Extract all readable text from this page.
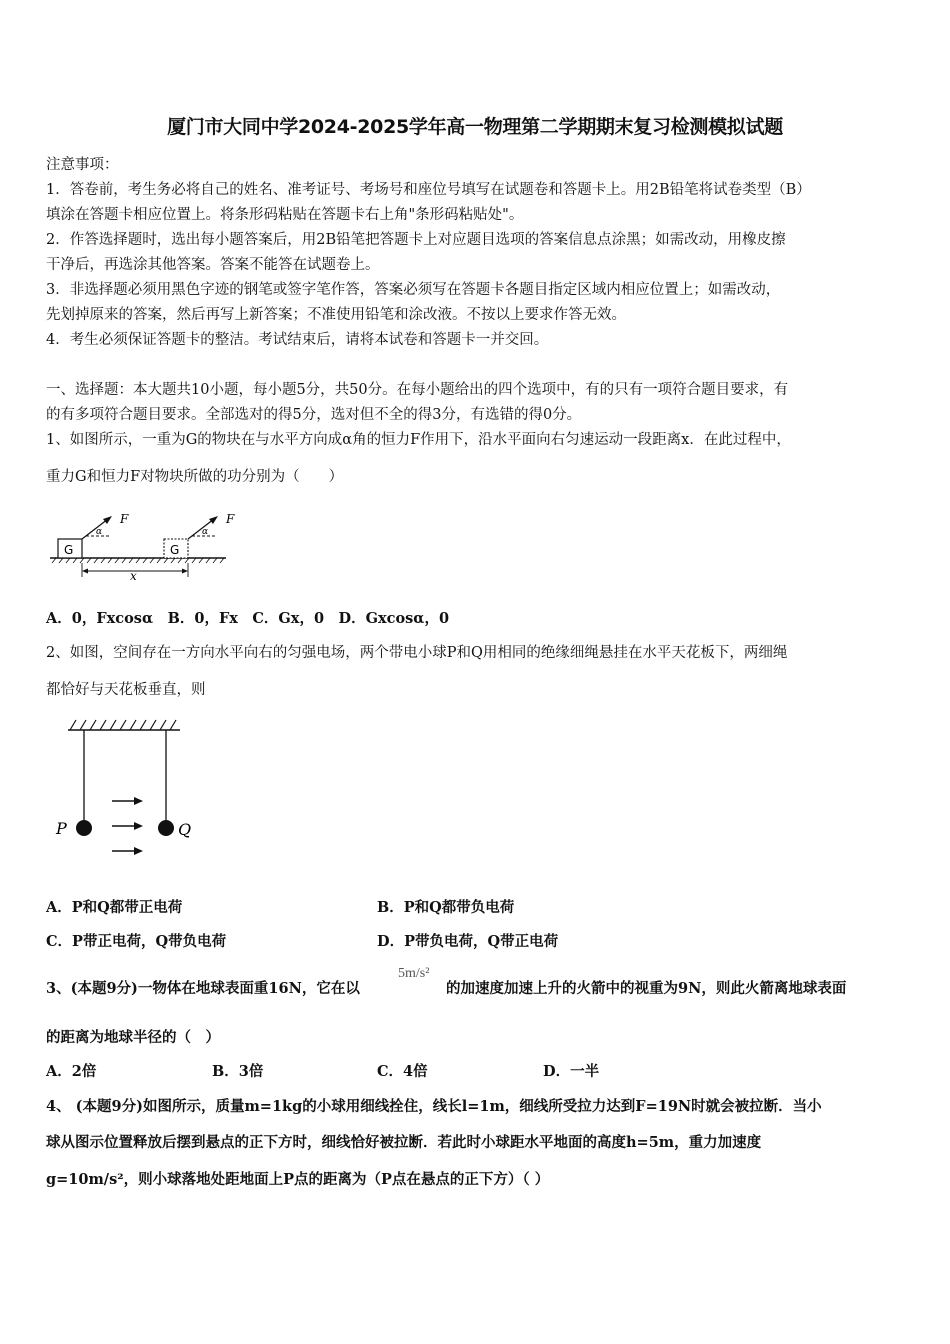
厦门市大同中学2024-2025学年高一物理第二学期期末复习检测模拟试题
注意事项：
1．答卷前，考生务必将自己的姓名、准考证号、考场号和座位号填写在试题卷和答题卡上。用2B铅笔将试卷类型（B）
填涂在答题卡相应位置上。将条形码粘贴在答题卡右上角"条形码粘贴处"。
2．作答选择题时，选出每小题答案后，用2B铅笔把答题卡上对应题目选项的答案信息点涂黑；如需改动，用橡皮擦
干净后，再选涂其他答案。答案不能答在试题卷上。
3．非选择题必须用黑色字迹的钢笔或签字笔作答，答案必须写在答题卡各题目指定区域内相应位置上；如需改动，
先划掉原来的答案，然后再写上新答案；不准使用铅笔和涂改液。不按以上要求作答无效。
4．考生必须保证答题卡的整洁。考试结束后，请将本试卷和答题卡一并交回。
一、选择题：本大题共10小题，每小题5分，共50分。在每小题给出的四个选项中，有的只有一项符合题目要求，有
的有多项符合题目要求。全部选对的得5分，选对但不全的得3分，有选错的得0分。
1、如图所示，一重为G的物块在与水平方向成α角的恒力F作用下，沿水平面向右匀速运动一段距离x．在此过程中，
重力G和恒力F对物块所做的功分别为（　　）
G
α
F
G
α
F
x
A．0，Fxcosα　B．0，Fx　C．Gx，0　D．Gxcosα，0
2、如图，空间存在一方向水平向右的匀强电场，两个带电小球P和Q用相同的绝缘细绳悬挂在水平天花板下，两细绳
都恰好与天花板垂直，则
P	Q
A．P和Q都带正电荷	B．P和Q都带负电荷
C．P带正电荷，Q带负电荷	D．P带负电荷，Q带正电荷
3、(本题9分)一物体在地球表面重16N，它在以
5m/s²
的加速度加速上升的火箭中的视重为9N，则此火箭离地球表面
的距离为地球半径的（　）
A．2倍	B．3倍	C．4倍	D．一半
4、 (本题9分)如图所示，质量m=1kg的小球用细线拴住，线长l=1m，细线所受拉力达到F=19N时就会被拉断．当小
球从图示位置释放后摆到悬点的正下方时，细线恰好被拉断．若此时小球距水平地面的高度h=5m，重力加速度
g=10m/s²，则小球落地处距地面上P点的距离为（P点在悬点的正下方）（ ）
